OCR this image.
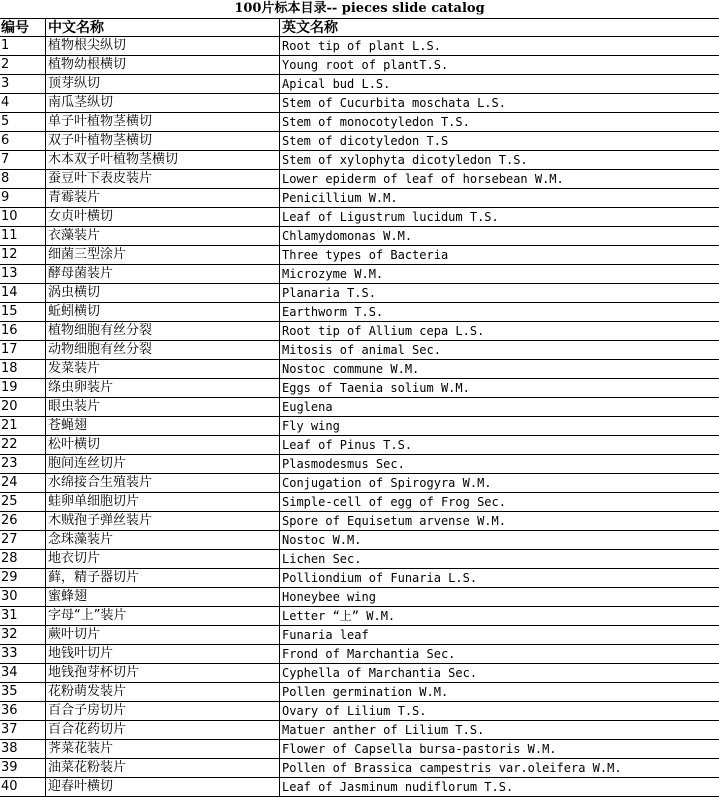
100片标本目录-- pieces slide catalog
编号	中文名称	英文名称
1	植物根尖纵切	Root tip of plant L.S.
2	植物幼根横切	Young root of plantT.S.
3	顶芽纵切	Apical bud L.S.
4	南瓜茎纵切	Stem of Cucurbita moschata L.S.
5	单子叶植物茎横切	Stem of monocotyledon T.S.
6	双子叶植物茎横切	Stem of dicotyledon T.S
7	木本双子叶植物茎横切	Stem of xylophyta dicotyledon T.S.
8	蚕豆叶下表皮装片	Lower epiderm of leaf of horsebean W.M.
9	青霉装片	Penicillium W.M.
10	女贞叶横切	Leaf of Ligustrum lucidum T.S.
11	衣藻装片	Chlamydomonas W.M.
12	细菌三型涂片	Three types of Bacteria
13	酵母菌装片	Microzyme W.M.
14	涡虫横切	Planaria T.S.
15	蚯蚓横切	Earthworm T.S.
16	植物细胞有丝分裂	Root tip of Allium cepa L.S.
17	动物细胞有丝分裂	Mitosis of animal Sec.
18	发菜装片	Nostoc commune W.M.
19	绦虫卵装片	Eggs of Taenia solium W.M.
20	眼虫装片	Euglena
21	苍蝇翅	Fly wing
22	松叶横切	Leaf of Pinus T.S.
23	胞间连丝切片	Plasmodesmus Sec.
24	水绵接合生殖装片	Conjugation of Spirogyra W.M.
25	蛙卵单细胞切片	Simple-cell of egg of Frog Sec.
26	木贼孢子弹丝装片	Spore of Equisetum arvense W.M.
27	念珠藻装片	Nostoc W.M.
28	地衣切片	Lichen Sec.
29	藓，精子器切片	Polliondium of Funaria L.S.
30	蜜蜂翅	Honeybee wing
31	字母“上”装片	Letter “上” W.M.
32	蕨叶切片	Funaria leaf
33	地钱叶切片	Frond of Marchantia Sec.
34	地钱孢芽杯切片	Cyphella of Marchantia Sec.
35	花粉萌发装片	Pollen germination W.M.
36	百合子房切片	Ovary of Lilium T.S.
37	百合花药切片	Matuer anther of Lilium T.S.
38	荠菜花装片	Flower of Capsella bursa-pastoris W.M.
39	油菜花粉装片	Pollen of Brassica campestris var.oleifera W.M.
40	迎春叶横切	Leaf of Jasminum nudiflorum T.S.
